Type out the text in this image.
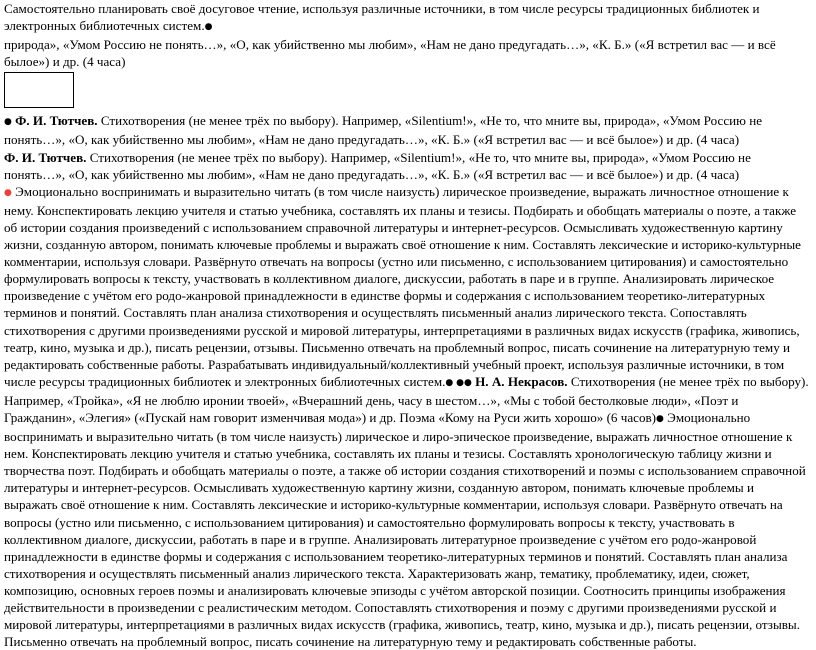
Самостоятельно планировать своё досуговое чтение, используя различные источники, в том числе ресурсы традиционных библиотек и электронных библиотечных систем.●
природа», «Умом Россию не понять…», «О, как убийственно мы любим», «Нам не дано предугадать…», «К. Б.» («Я встретил вас — и всё былое») и др. (4 часа)

● Ф. И. Тютчев. Стихотворения (не менее трёх по выбору). Например, «Silentium!», «Не то, что мните вы, природа», «Умом Россию не понять…», «О, как убийственно мы любим», «Нам не дано предугадать…», «К. Б.» («Я встретил вас — и всё былое») и др. (4 часа)

Ф. И. Тютчев. Стихотворения (не менее трёх по выбору). Например, «Silentium!», «Не то, что мните вы, природа», «Умом Россию не понять…», «О, как убийственно мы любим», «Нам не дано предугадать…», «К. Б.» («Я встретил вас — и всё былое») и др. (4 часа)

● Эмоционально воспринимать и выразительно читать (в том числе наизусть) лирическое произведение, выражать личностное отношение к нему. Конспектировать лекцию учителя и статью учебника, составлять их планы и тезисы. Подбирать и обобщать материалы о поэте, а также об истории создания произведений с использованием справочной литературы и интернет-ресурсов. Осмысливать художественную картину жизни, созданную автором, понимать ключевые проблемы и выражать своё отношение к ним. Составлять лексические и историко-культурные комментарии, используя словари. Развёрнуто отвечать на вопросы (устно или письменно, с использованием цитирования) и самостоятельно формулировать вопросы к тексту, участвовать в коллективном диалоге, дискуссии, работать в паре и в группе. Анализировать лирическое произведение с учётом его родо-жанровой принадлежности в единстве формы и содержания с использованием теоретико-литературных терминов и понятий. Составлять план анализа стихотворения и осуществлять письменный анализ лирического текста. Сопоставлять стихотворения с другими произведениями русской и мировой литературы, интерпретациями в различных видах искусств (графика, живопись, театр, кино, музыка и др.), писать рецензии, отзывы. Письменно отвечать на проблемный вопрос, писать сочинение на литературную тему и редактировать собственные работы. Разрабатывать индивидуальный/коллективный учебный проект, используя различные источники, в том числе ресурсы традиционных библиотек и электронных библиотечных систем.● ●● Н. А. Некрасов. Стихотворения (не менее трёх по выбору). Например, «Тройка», «Я не люблю иронии твоей», «Вчерашний день, часу в шестом…», «Мы с тобой бестолковые люди», «Поэт и Гражданин», «Элегия» («Пускай нам говорит изменчивая мода») и др. Поэма «Кому на Руси жить хорошо» (6 часов)● Эмоционально воспринимать и выразительно читать (в том числе наизусть) лирическое и лиро-эпическое произведение, выражать личностное отношение к нем. Конспектировать лекцию учителя и статью учебника, составлять их планы и тезисы. Составлять хронологическую таблицу жизни и творчества поэт. Подбирать и обобщать материалы о поэте, а также об истории создания стихотворений и поэмы с использованием справочной литературы и интернет-ресурсов. Осмысливать художественную картину жизни, созданную автором, понимать ключевые проблемы и выражать своё отношение к ним. Составлять лексические и историко-культурные комментарии, используя словари. Развёрнуто отвечать на вопросы (устно или письменно, с использованием цитирования) и самостоятельно формулировать вопросы к тексту, участвовать в коллективном диалоге, дискуссии, работать в паре и в группе. Анализировать литературное произведение с учётом его родо-жанровой принадлежности в единстве формы и содержания с использованием теоретико-литературных терминов и понятий. Составлять план анализа стихотворения и осуществлять письменный анализ лирического текста. Характеризовать жанр, тематику, проблематику, идеи, сюжет, композицию, основных героев поэмы и анализировать ключевые эпизоды с учётом авторской позиции. Соотносить принципы изображения действительности в произведении с реалистическим методом. Сопоставлять стихотворения и поэму с другими произведениями русской и мировой литературы, интерпретациями в различных видах искусств (графика, живопись, театр, кино, музыка и др.), писать рецензии, отзывы. Письменно отвечать на проблемный вопрос, писать сочинение на литературную тему и редактировать собственные работы.
